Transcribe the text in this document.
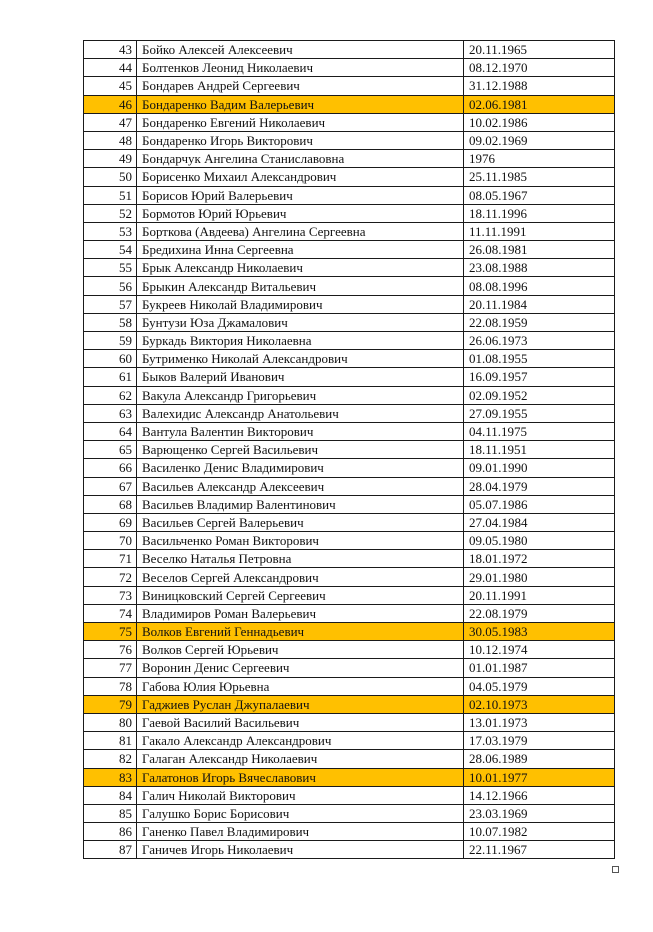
43	Бойко Алексей Алексеевич	20.11.1965
44	Болтенков Леонид Николаевич	08.12.1970
45	Бондарев Андрей Сергеевич	31.12.1988
46	Бондаренко Вадим Валерьевич	02.06.1981
47	Бондаренко Евгений Николаевич	10.02.1986
48	Бондаренко Игорь Викторович	09.02.1969
49	Бондарчук Ангелина Станиславовна	1976
50	Борисенко Михаил Александрович	25.11.1985
51	Борисов Юрий Валерьевич	08.05.1967
52	Бормотов Юрий Юрьевич	18.11.1996
53	Борткова (Авдеева) Ангелина Сергеевна	11.11.1991
54	Бредихина Инна Сергеевна	26.08.1981
55	Брык Александр Николаевич	23.08.1988
56	Брыкин Александр Витальевич	08.08.1996
57	Букреев Николай Владимирович	20.11.1984
58	Бунтузи Юза Джамалович	22.08.1959
59	Буркадь Виктория Николаевна	26.06.1973
60	Бутрименко Николай Александрович	01.08.1955
61	Быков Валерий Иванович	16.09.1957
62	Вакула Александр Григорьевич	02.09.1952
63	Валехидис Александр Анатольевич	27.09.1955
64	Вантула Валентин Викторович	04.11.1975
65	Варющенко Сергей Васильевич	18.11.1951
66	Василенко Денис Владимирович	09.01.1990
67	Васильев Александр Алексеевич	28.04.1979
68	Васильев Владимир Валентинович	05.07.1986
69	Васильев Сергей Валерьевич	27.04.1984
70	Васильченко Роман Викторович	09.05.1980
71	Веселко Наталья Петровна	18.01.1972
72	Веселов Сергей Александрович	29.01.1980
73	Виницковский Сергей Сергеевич	20.11.1991
74	Владимиров Роман Валерьевич	22.08.1979
75	Волков Евгений Геннадьевич	30.05.1983
76	Волков Сергей Юрьевич	10.12.1974
77	Воронин Денис Сергеевич	01.01.1987
78	Габова Юлия Юрьевна	04.05.1979
79	Гаджиев Руслан Джупалаевич	02.10.1973
80	Гаевой Василий Васильевич	13.01.1973
81	Гакало Александр Александрович	17.03.1979
82	Галаган Александр Николаевич	28.06.1989
83	Галатонов Игорь Вячеславович	10.01.1977
84	Галич Николай Викторович	14.12.1966
85	Галушко Борис Борисович	23.03.1969
86	Ганенко Павел Владимирович	10.07.1982
87	Ганичев Игорь Николаевич	22.11.1967
